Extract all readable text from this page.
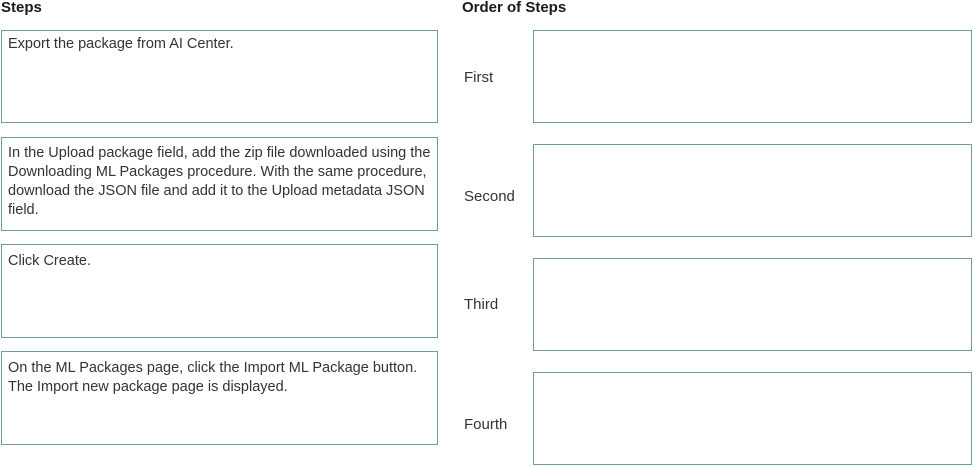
Steps	Order of Steps
Export the package from AI Center.
In the Upload package field, add the zip file downloaded using the Downloading ML Packages procedure. With the same procedure, download the JSON file and add it to the Upload metadata JSON field.
Click Create.
On the ML Packages page, click the Import ML Package button. The Import new package page is displayed.
First
Second
Third
Fourth
